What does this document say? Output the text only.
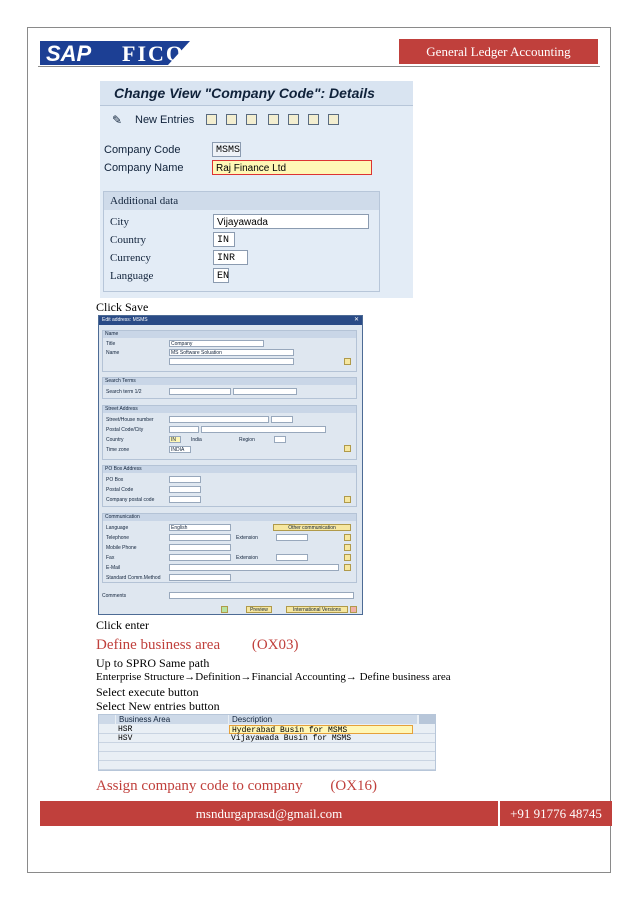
SAP FICO	General Ledger Accounting
Change View "Company Code": Details
✎ New Entries
Company Code	MSMS
Company Name	Raj Finance Ltd
Additional data
City	Vijayawada
Country	IN
Currency	INR
Language	EN
Click Save
Edit address: MSMS	✕
Name
Title	Company
Name	MS Software Soluation
Search Terms
Search term 1/2
Street Address
Street/House number
Postal Code/City
Country	IN	India	Region
Time zone	INDIA
PO Box Address
PO Box
Postal Code
Company postal code
Communication
Language	English	Other communication
Telephone	Extension
Mobile Phone
Fax	Extension
E-Mail
Standard Comm.Method
Comments
Preview	International Versions
Click enter
Define business area (OX03)
Up to SPRO Same path
Enterprise Structure→Definition→Financial Accounting→ Define business area
Select execute button
Select New entries button
Business Area	Description
HSR	Hyderabad Busin for MSMS
HSV	Vijayawada Busin for MSMS
Assign company code to company (OX16)
msndurgaprasd@gmail.com	+91 91776 48745
